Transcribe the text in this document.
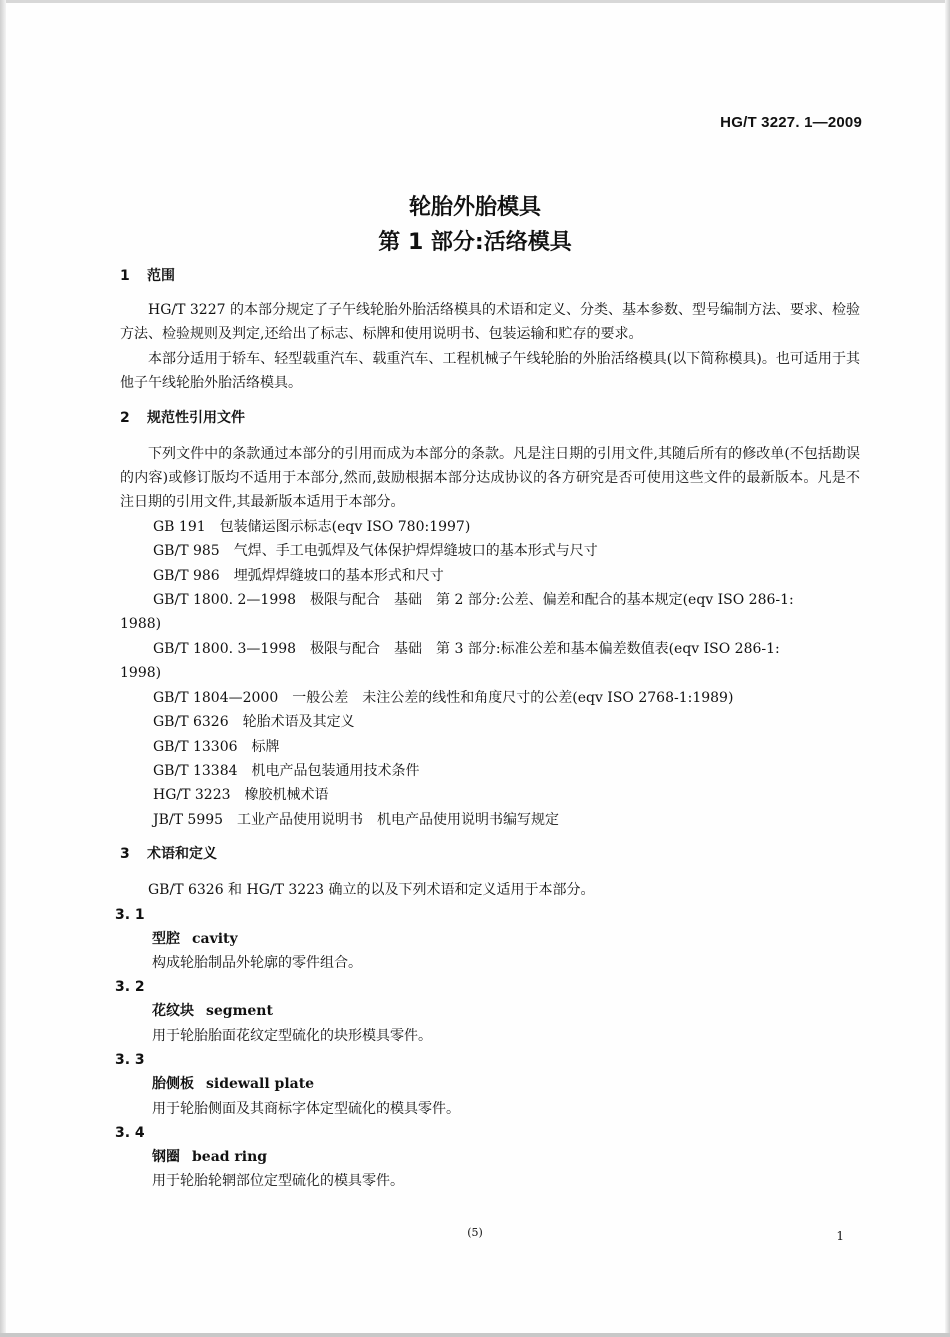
HG/T 3227. 1—2009
轮胎外胎模具
第 1 部分:活络模具
1 范围

HG/T 3227 的本部分规定了子午线轮胎外胎活络模具的术语和定义、分类、基本参数、型号编制方法、要求、检验方法、检验规则及判定,还给出了标志、标牌和使用说明书、包装运输和贮存的要求。

本部分适用于轿车、轻型载重汽车、载重汽车、工程机械子午线轮胎的外胎活络模具(以下简称模具)。也可适用于其他子午线轮胎外胎活络模具。

2 规范性引用文件

下列文件中的条款通过本部分的引用而成为本部分的条款。凡是注日期的引用文件,其随后所有的修改单(不包括勘误的内容)或修订版均不适用于本部分,然而,鼓励根据本部分达成协议的各方研究是否可使用这些文件的最新版本。凡是不注日期的引用文件,其最新版本适用于本部分。

GB 191 包装储运图示标志(eqv ISO 780:1997)

GB/T 985 气焊、手工电弧焊及气体保护焊焊缝坡口的基本形式与尺寸

GB/T 986 埋弧焊焊缝坡口的基本形式和尺寸

GB/T 1800. 2—1998 极限与配合　基础　第 2 部分:公差、偏差和配合的基本规定(eqv ISO 286-1:

1988)

GB/T 1800. 3—1998 极限与配合　基础　第 3 部分:标准公差和基本偏差数值表(eqv ISO 286-1:

1998)

GB/T 1804—2000 一般公差　未注公差的线性和角度尺寸的公差(eqv ISO 2768-1:1989)

GB/T 6326 轮胎术语及其定义

GB/T 13306 标牌

GB/T 13384 机电产品包装通用技术条件

HG/T 3223 橡胶机械术语

JB/T 5995 工业产品使用说明书　机电产品使用说明书编写规定

3 术语和定义

GB/T 6326 和 HG/T 3223 确立的以及下列术语和定义适用于本部分。

3. 1

型腔 cavity

构成轮胎制品外轮廓的零件组合。

3. 2

花纹块 segment

用于轮胎胎面花纹定型硫化的块形模具零件。

3. 3

胎侧板 sidewall plate

用于轮胎侧面及其商标字体定型硫化的模具零件。

3. 4

钢圈 bead ring

用于轮胎轮辋部位定型硫化的模具零件。

(5)	1
